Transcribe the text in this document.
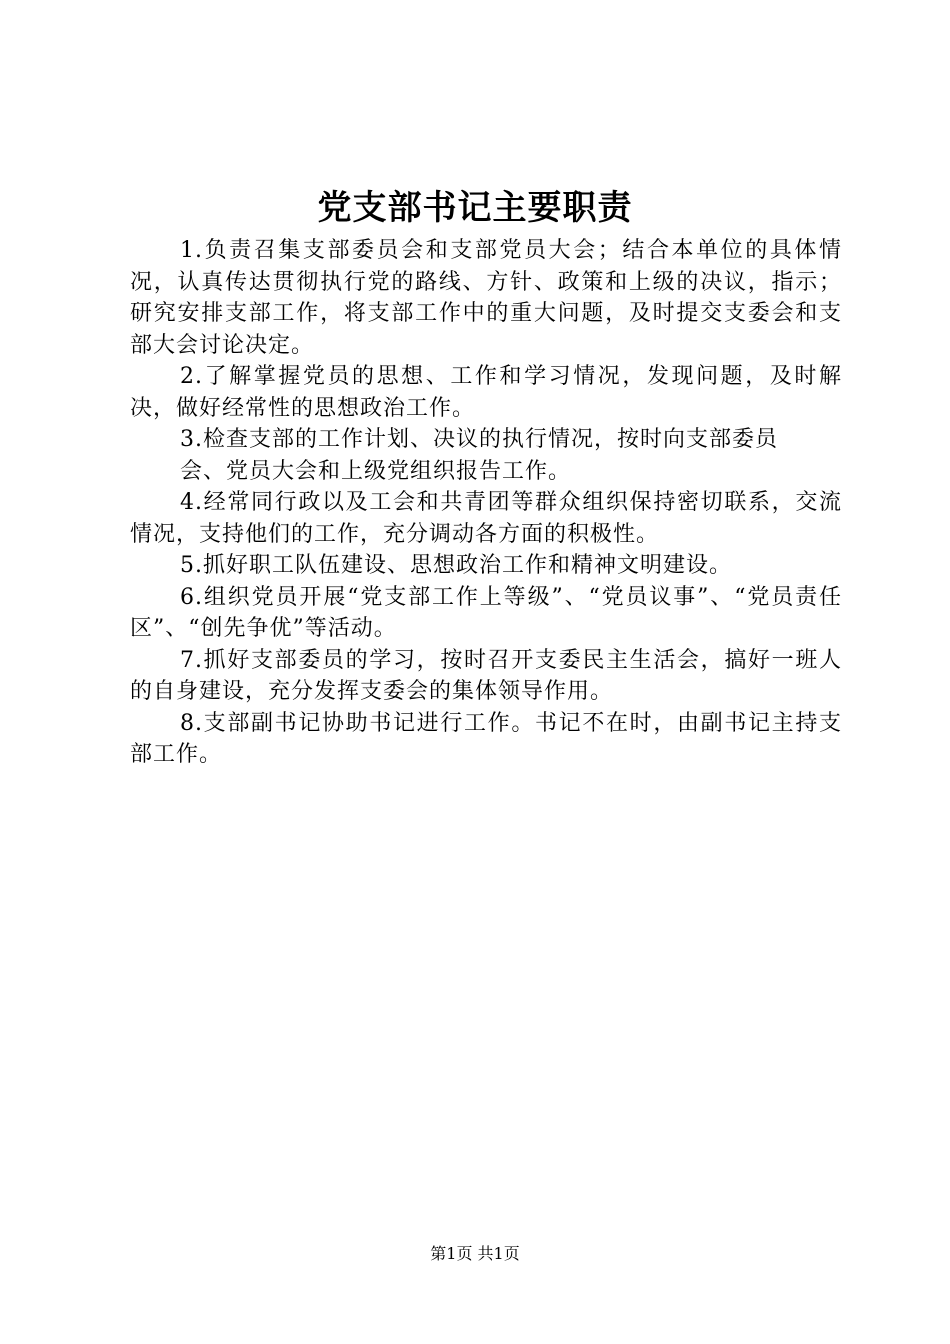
党支部书记主要职责

1.负责召集支部委员会和支部党员大会；结合本单位的具体情况，认真传达贯彻执行党的路线、方针、政策和上级的决议，指示；研究安排支部工作，将支部工作中的重大问题，及时提交支委会和支部大会讨论决定。

2.了解掌握党员的思想、工作和学习情况，发现问题，及时解决，做好经常性的思想政治工作。

3.检查支部的工作计划、决议的执行情况，按时向支部委员

会、党员大会和上级党组织报告工作。

4.经常同行政以及工会和共青团等群众组织保持密切联系，交流情况，支持他们的工作，充分调动各方面的积极性。

5.抓好职工队伍建设、思想政治工作和精神文明建设。

6.组织党员开展“党支部工作上等级”、“党员议事”、“党员责任区”、“创先争优”等活动。

7.抓好支部委员的学习，按时召开支委民主生活会，搞好一班人的自身建设，充分发挥支委会的集体领导作用。

8.支部副书记协助书记进行工作。书记不在时，由副书记主持支部工作。

第1页 共1页
